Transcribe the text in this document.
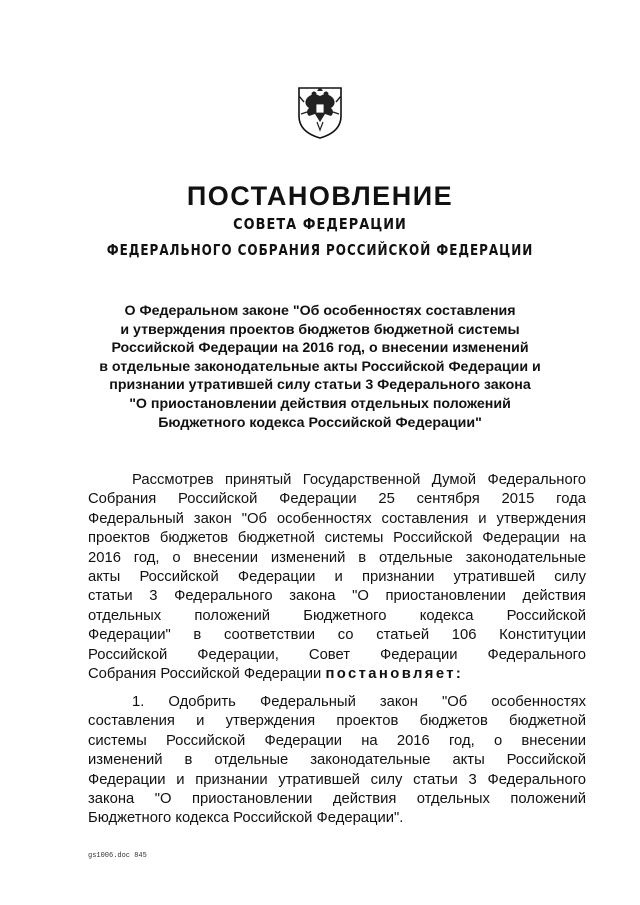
ПОСТАНОВЛЕНИЕ
СОВЕТА ФЕДЕРАЦИИ
ФЕДЕРАЛЬНОГО СОБРАНИЯ РОССИЙСКОЙ ФЕДЕРАЦИИ
О Федеральном законе "Об особенностях составления
и утверждения проектов бюджетов бюджетной системы
Российской Федерации на 2016 год, о внесении изменений
в отдельные законодательные акты Российской Федерации и
признании утратившей силу статьи 3 Федерального закона
"О приостановлении действия отдельных положений
Бюджетного кодекса Российской Федерации"
Рассмотрев принятый Государственной Думой Федерального
Собрания Российской Федерации 25 сентября 2015 года
Федеральный закон "Об особенностях составления и утверждения
проектов бюджетов бюджетной системы Российской Федерации на
2016 год, о внесении изменений в отдельные законодательные
акты Российской Федерации и признании утратившей силу
статьи 3 Федерального закона "О приостановлении действия
отдельных положений Бюджетного кодекса Российской
Федерации" в соответствии со статьей 106 Конституции
Российской Федерации, Совет Федерации Федерального
Собрания Российской Федерации постановляет:
1. Одобрить Федеральный закон "Об особенностях
составления и утверждения проектов бюджетов бюджетной
системы Российской Федерации на 2016 год, о внесении
изменений в отдельные законодательные акты Российской
Федерации и признании утратившей силу статьи 3 Федерального
закона "О приостановлении действия отдельных положений
Бюджетного кодекса Российской Федерации".
gs1006.doc 845
